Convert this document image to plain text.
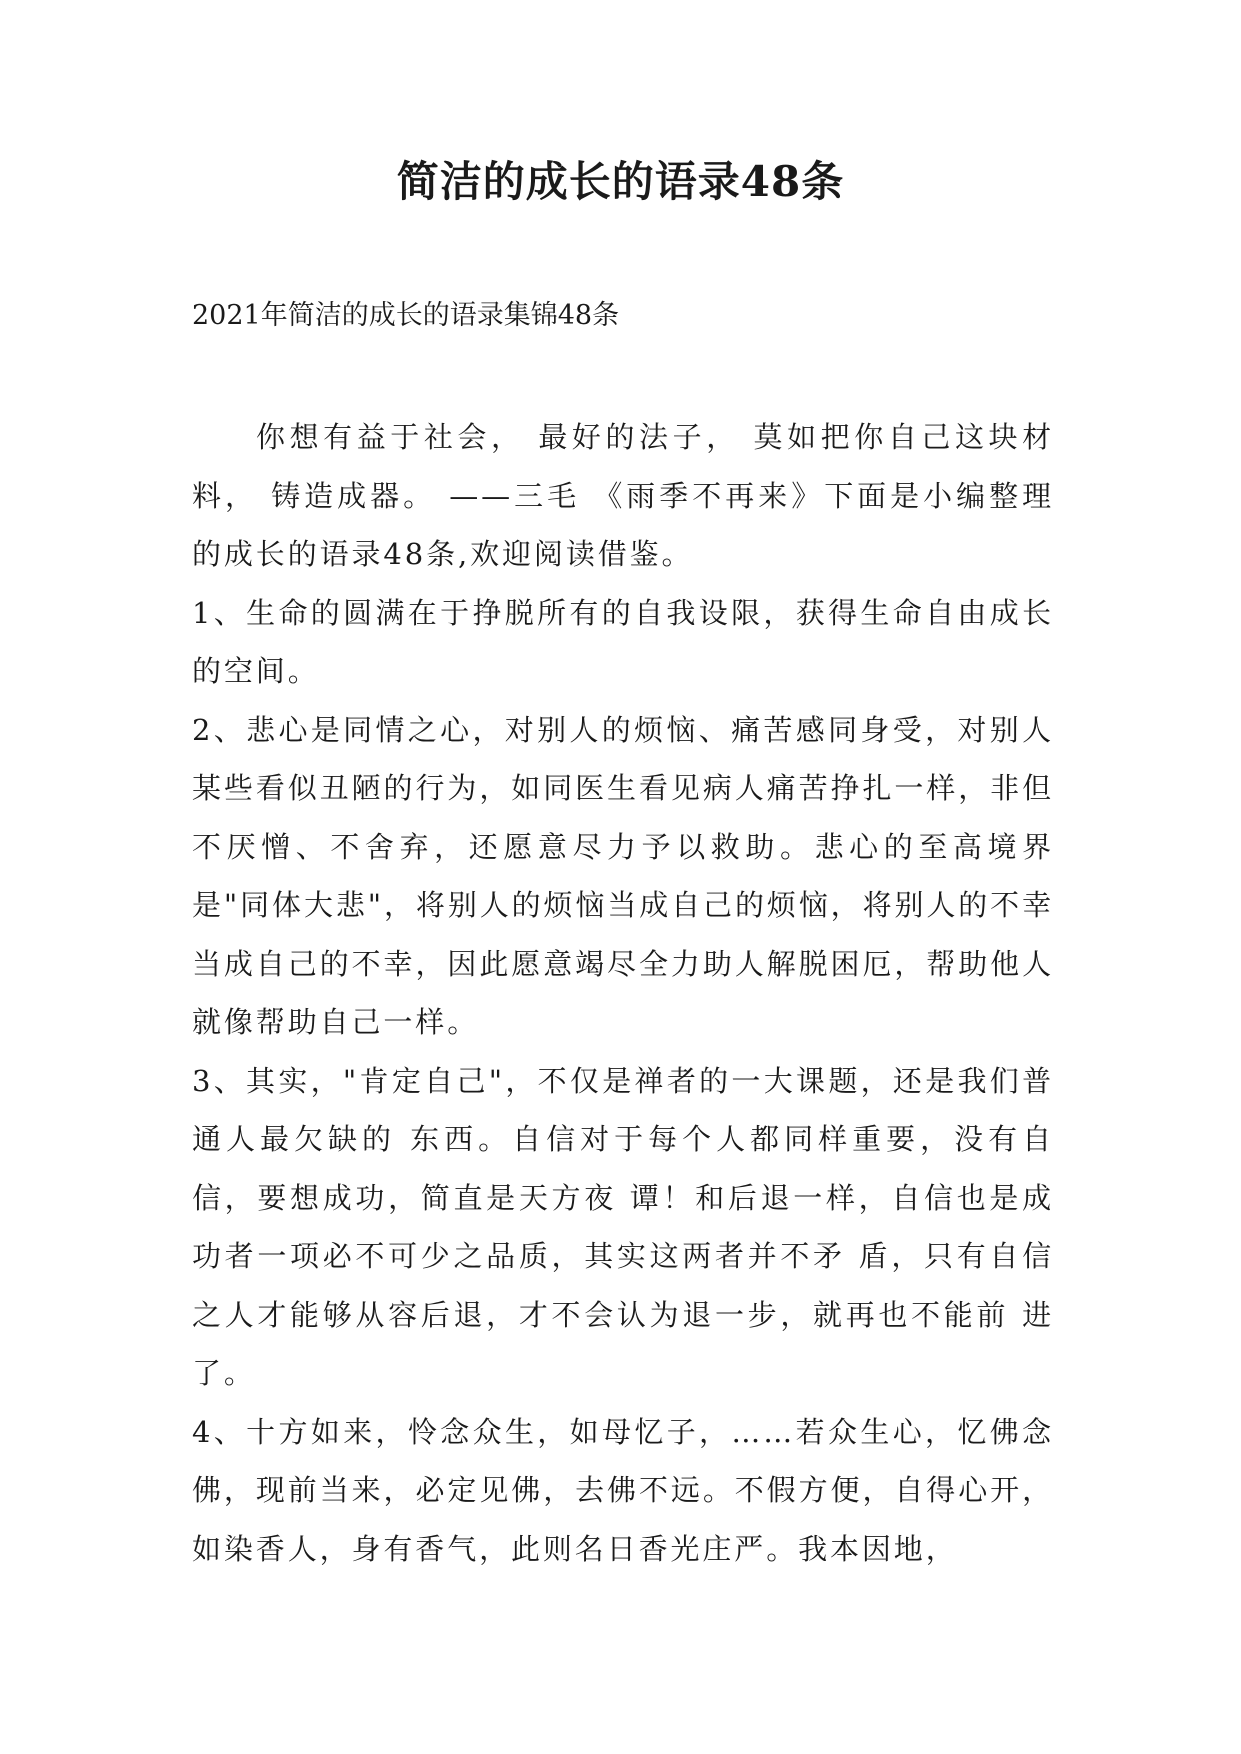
简洁的成长的语录48条
2021年简洁的成长的语录集锦48条

你想有益于社会， 最好的法子， 莫如把你自己这块材料， 铸造成器。 ——三毛 《雨季不再来》下面是小编整理的成长的语录48条,欢迎阅读借鉴。

1、生命的圆满在于挣脱所有的自我设限，获得生命自由成长的空间。

2、悲心是同情之心，对别人的烦恼、痛苦感同身受，对别人某些看似丑陋的行为，如同医生看见病人痛苦挣扎一样，非但不厌憎、不舍弃，还愿意尽力予以救助。悲心的至高境界是"同体大悲"，将别人的烦恼当成自己的烦恼，将别人的不幸当成自己的不幸，因此愿意竭尽全力助人解脱困厄，帮助他人就像帮助自己一样。

3、其实，"肯定自己"，不仅是禅者的一大课题，还是我们普通人最欠缺的 东西。自信对于每个人都同样重要，没有自信，要想成功，简直是天方夜 谭！和后退一样，自信也是成功者一项必不可少之品质，其实这两者并不矛 盾，只有自信之人才能够从容后退，才不会认为退一步，就再也不能前 进了。

4、十方如来，怜念众生，如母忆子，……若众生心，忆佛念佛，现前当来，必定见佛，去佛不远。不假方便，自得心开，如染香人，身有香气，此则名日香光庄严。我本因地，
